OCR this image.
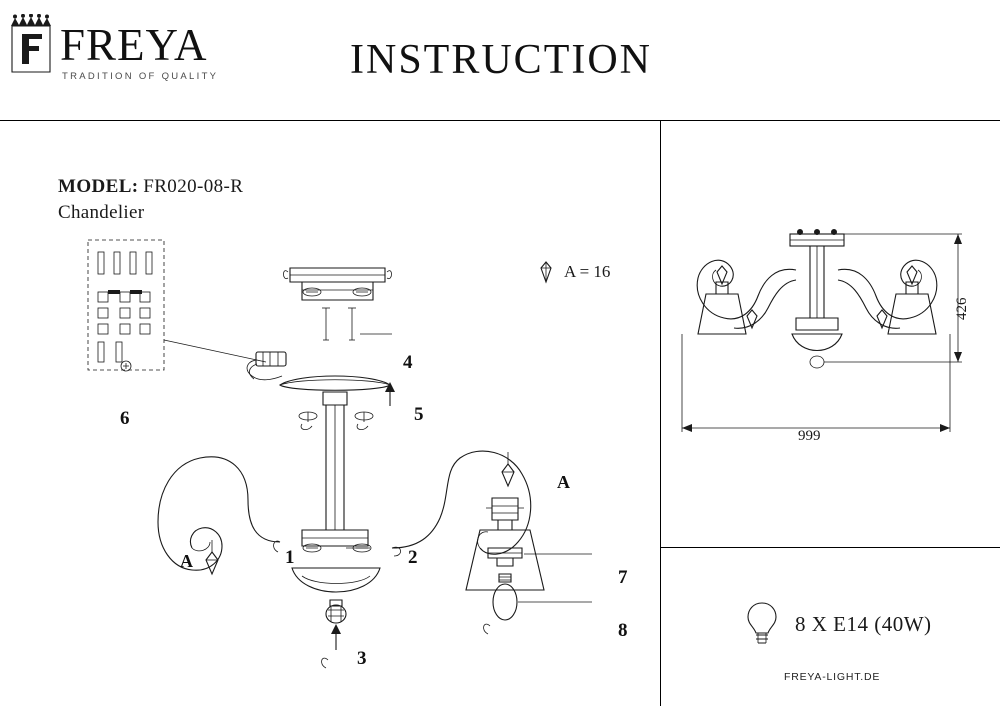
FREYA
TRADITION OF QUALITY	INSTRUCTION
MODEL: FR020-08-R
Chandelier
A = 16
1	2
3
4
5
6
7
8
A
A
426
999
8 X E14 (40W)
FREYA-LIGHT.DE
